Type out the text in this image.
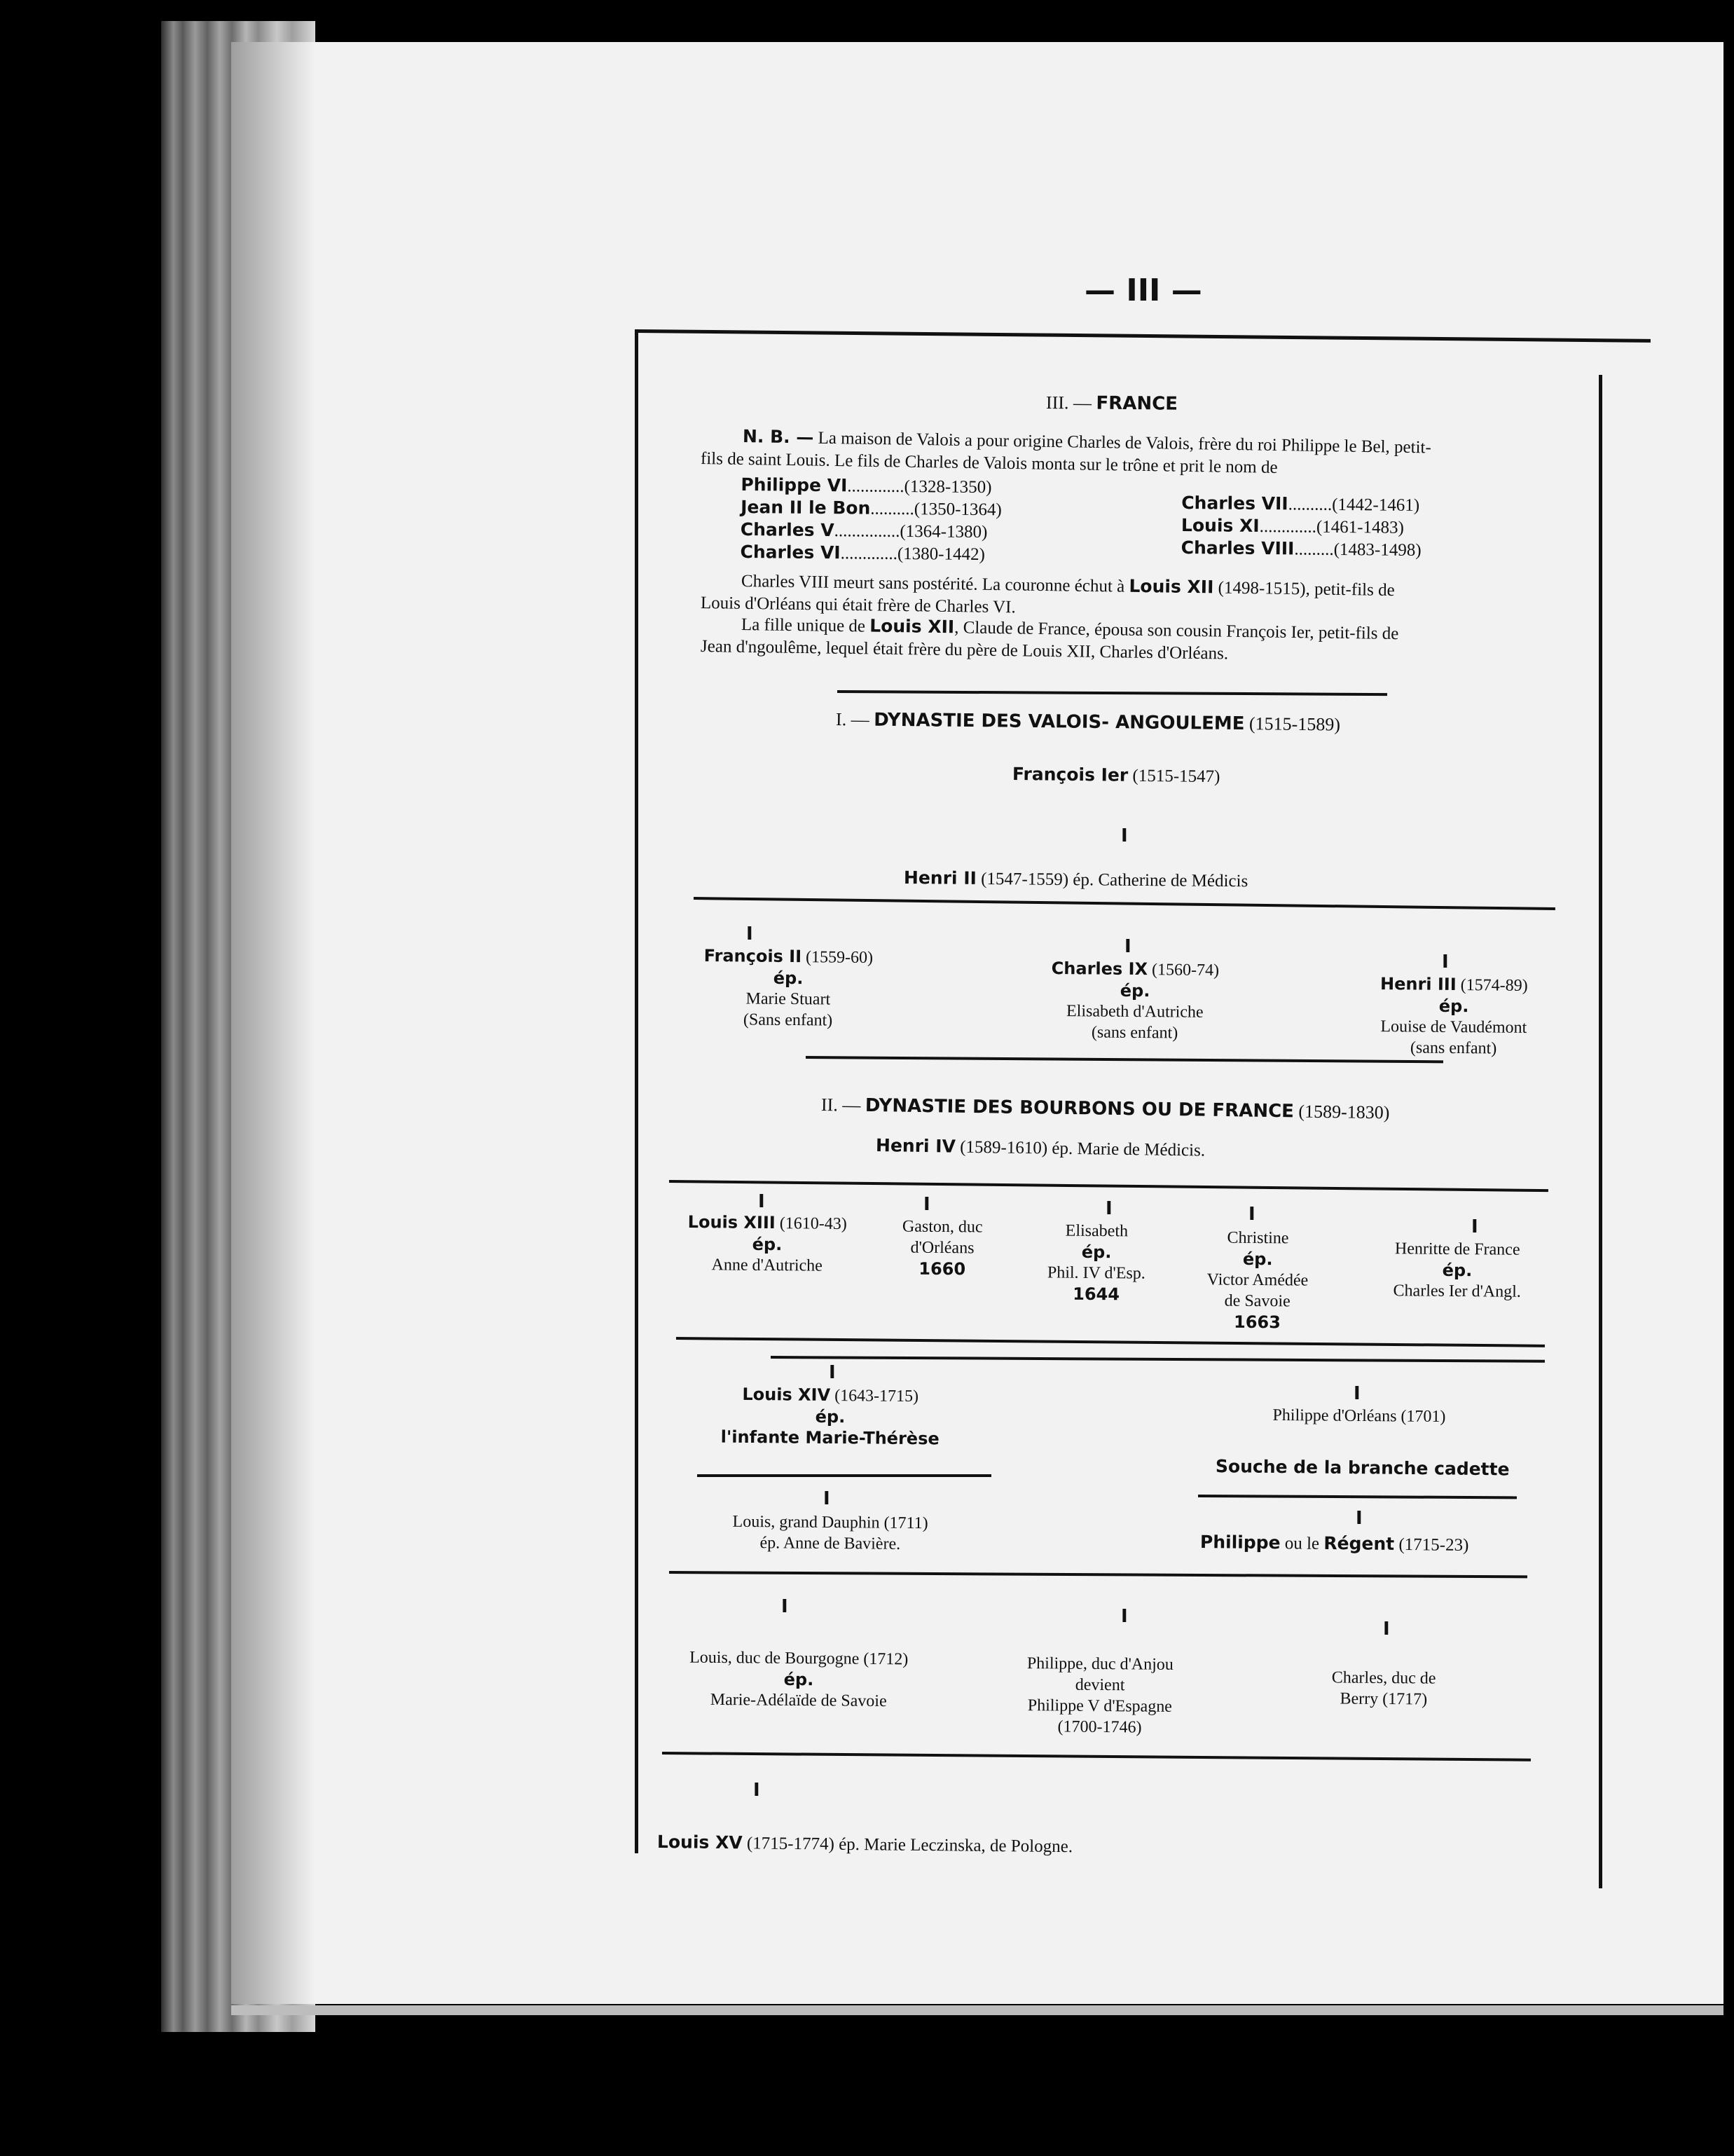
— III —
III. — FRANCE
N. B. — La maison de Valois a pour origine Charles de Valois, frère du roi Philippe le Bel, petit-
fils de saint Louis. Le fils de Charles de Valois monta sur le trône et prit le nom de
Philippe VI.............(1328-1350)
Jean II le Bon..........(1350-1364)
Charles V...............(1364-1380)
Charles VI.............(1380-1442)
Charles VII..........(1442-1461)
Louis XI.............(1461-1483)
Charles VIII.........(1483-1498)
Charles VIII meurt sans postérité. La couronne échut à Louis XII (1498-1515), petit-fils de
Louis d'Orléans qui était frère de Charles VI.
La fille unique de Louis XII, Claude de France, épousa son cousin François Ier, petit-fils de
Jean d'ngoulême, lequel était frère du père de Louis XII, Charles d'Orléans.
I. — DYNASTIE DES VALOIS- ANGOULEME (1515-1589)
François Ier (1515-1547)
I
Henri II (1547-1559) ép. Catherine de Médicis
I
François II (1559-60)
ép.
Marie Stuart
(Sans enfant)
I
Charles IX (1560-74)
ép.
Elisabeth d'Autriche
(sans enfant)
I
Henri III (1574-89)
ép.
Louise de Vaudémont
(sans enfant)
II. — DYNASTIE DES BOURBONS OU DE FRANCE (1589-1830)
Henri IV (1589-1610) ép. Marie de Médicis.
I
Louis XIII (1610-43)
ép.
Anne d'Autriche
I
Gaston, duc
d'Orléans
1660
I
Elisabeth
ép.
Phil. IV d'Esp.
1644
I
Christine
ép.
Victor Amédée
de Savoie
1663
I
Henritte de France
ép.
Charles Ier d'Angl.
I
Louis XIV (1643-1715)
ép.
l'infante Marie-Thérèse
I
Philippe d'Orléans (1701)
Souche de la branche cadette
I
Louis, grand Dauphin (1711)
ép. Anne de Bavière.
I
Philippe ou le Régent (1715-23)
I
Louis, duc de Bourgogne (1712)
ép.
Marie-Adélaïde de Savoie
I
Philippe, duc d'Anjou
devient
Philippe V d'Espagne
(1700-1746)
I
Charles, duc de
Berry (1717)
I
Louis XV (1715-1774) ép. Marie Leczinska, de Pologne.
